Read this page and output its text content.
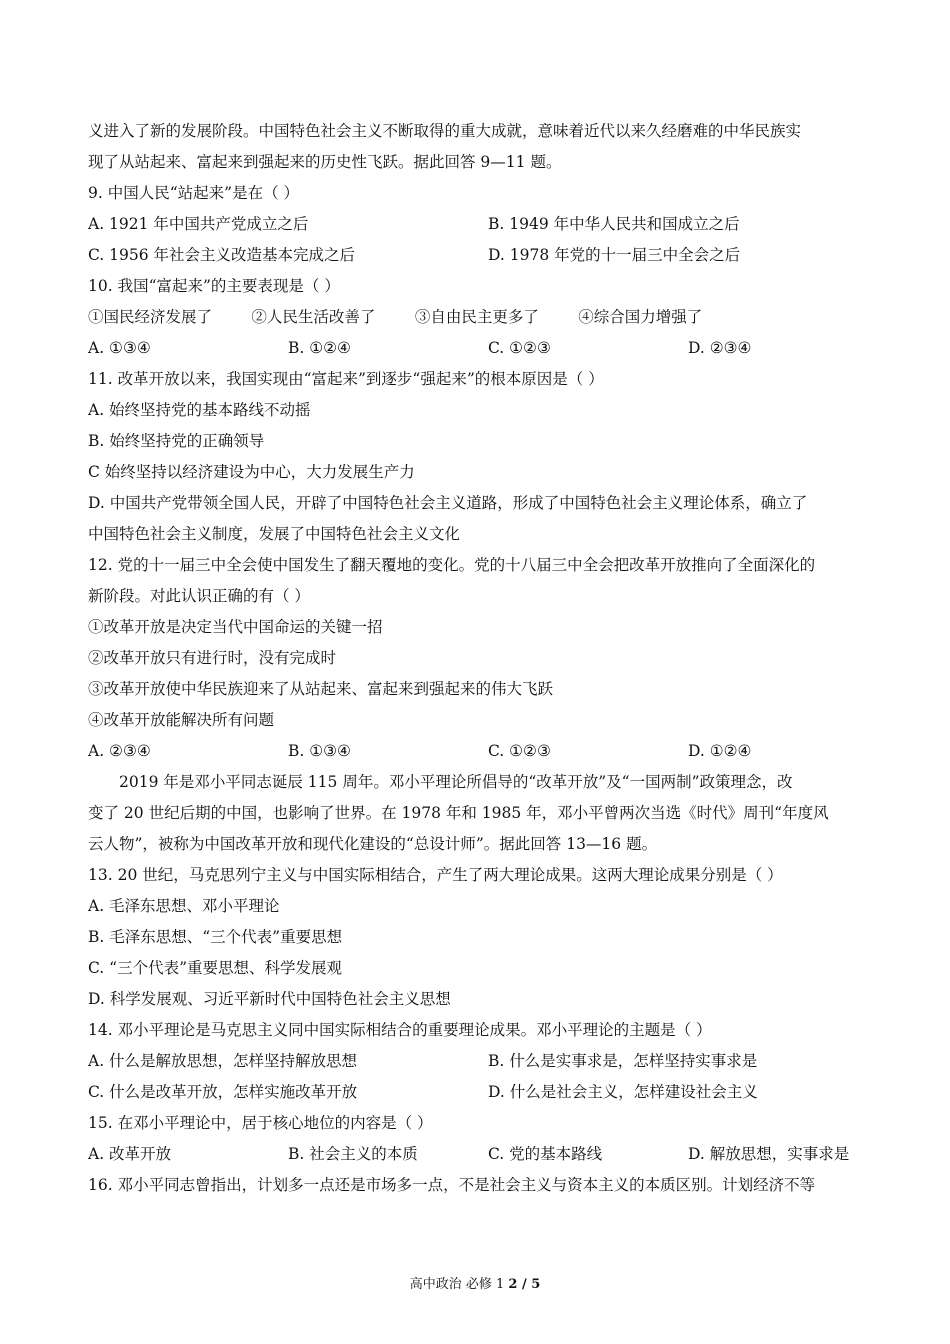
义进入了新的发展阶段。中国特色社会主义不断取得的重大成就，意味着近代以来久经磨难的中华民族实
现了从站起来、富起来到强起来的历史性飞跃。据此回答 9—11 题。
9. 中国人民“站起来”是在（ ）
A. 1921 年中国共产党成立之后	B. 1949 年中华人民共和国成立之后
C. 1956 年社会主义改造基本完成之后	D. 1978 年党的十一届三中全会之后
10. 我国“富起来”的主要表现是（ ）
①国民经济发展了        ②人民生活改善了        ③自由民主更多了        ④综合国力增强了
A. ①③④	B. ①②④	C. ①②③	D. ②③④
11. 改革开放以来，我国实现由“富起来”到逐步“强起来”的根本原因是（ ）
A. 始终坚持党的基本路线不动摇
B. 始终坚持党的正确领导
C 始终坚持以经济建设为中心，大力发展生产力
D. 中国共产党带领全国人民，开辟了中国特色社会主义道路，形成了中国特色社会主义理论体系，确立了
中国特色社会主义制度，发展了中国特色社会主义文化
12. 党的十一届三中全会使中国发生了翻天覆地的变化。党的十八届三中全会把改革开放推向了全面深化的
新阶段。对此认识正确的有（ ）
①改革开放是决定当代中国命运的关键一招
②改革开放只有进行时，没有完成时
③改革开放使中华民族迎来了从站起来、富起来到强起来的伟大飞跃
④改革开放能解决所有问题
A. ②③④	B. ①③④	C. ①②③	D. ①②④
2019 年是邓小平同志诞辰 115 周年。邓小平理论所倡导的“改革开放”及“一国两制”政策理念，改
变了 20 世纪后期的中国，也影响了世界。在 1978 年和 1985 年，邓小平曾两次当选《时代》周刊“年度风
云人物”，被称为中国改革开放和现代化建设的“总设计师”。据此回答 13—16 题。
13. 20 世纪，马克思列宁主义与中国实际相结合，产生了两大理论成果。这两大理论成果分别是（ ）
A. 毛泽东思想、邓小平理论
B. 毛泽东思想、“三个代表”重要思想
C. “三个代表”重要思想、科学发展观
D. 科学发展观、习近平新时代中国特色社会主义思想
14. 邓小平理论是马克思主义同中国实际相结合的重要理论成果。邓小平理论的主题是（ ）
A. 什么是解放思想，怎样坚持解放思想	B. 什么是实事求是，怎样坚持实事求是
C. 什么是改革开放，怎样实施改革开放	D. 什么是社会主义，怎样建设社会主义
15. 在邓小平理论中，居于核心地位的内容是（ ）
A. 改革开放	B. 社会主义的本质	C. 党的基本路线	D. 解放思想，实事求是
16. 邓小平同志曾指出，计划多一点还是市场多一点，不是社会主义与资本主义的本质区别。计划经济不等
高中政治 必修 1 2 / 5
